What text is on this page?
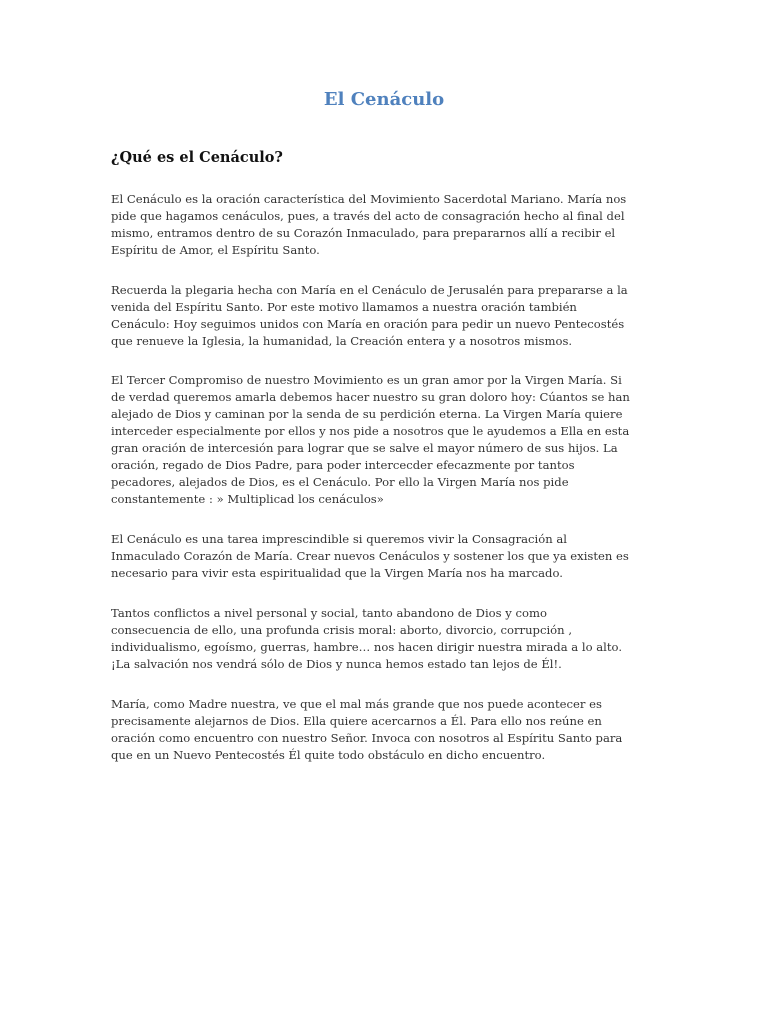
El Cenáculo
¿Qué es el Cenáculo?
El Cenáculo es la oración característica del Movimiento Sacerdotal Mariano. María nos
pide que hagamos cenáculos, pues, a través del acto de consagración hecho al final del
mismo, entramos dentro de su Corazón Inmaculado, para prepararnos allí a recibir el
Espíritu de Amor, el Espíritu Santo.
Recuerda la plegaria hecha con María en el Cenáculo de Jerusalén para prepararse a la
venida del Espíritu Santo. Por este motivo llamamos a nuestra oración también
Cenáculo: Hoy seguimos unidos con María en oración para pedir un nuevo Pentecostés
que renueve la Iglesia, la humanidad, la Creación entera y a nosotros mismos.
El Tercer Compromiso de nuestro Movimiento es un gran amor por la Virgen María. Si
de verdad queremos amarla debemos hacer nuestro su gran doloro hoy: Cúantos se han
alejado de Dios y caminan por la senda de su perdición eterna. La Virgen María quiere
interceder especialmente por ellos y nos pide a nosotros que le ayudemos a Ella en esta
gran oración de intercesión para lograr que se salve el mayor número de sus hijos. La
oración, regado de Dios Padre, para poder intercecder efecazmente por tantos
pecadores, alejados de Dios, es el Cenáculo. Por ello la Virgen María nos pide
constantemente : » Multiplicad los cenáculos»
El Cenáculo es una tarea imprescindible si queremos vivir la Consagración al
Inmaculado Corazón de María. Crear nuevos Cenáculos y sostener los que ya existen es
necesario para vivir esta espiritualidad que la Virgen María nos ha marcado.
Tantos conflictos a nivel personal y social, tanto abandono de Dios y como
consecuencia de ello, una profunda crisis moral: aborto, divorcio, corrupción ,
individualismo, egoísmo, guerras, hambre… nos hacen dirigir nuestra mirada a lo alto.
¡La salvación nos vendrá sólo de Dios y nunca hemos estado tan lejos de Él!.
María, como Madre nuestra, ve que el mal más grande que nos puede acontecer es
precisamente alejarnos de Dios. Ella quiere acercarnos a Él. Para ello nos reúne en
oración como encuentro con nuestro Señor. Invoca con nosotros al Espíritu Santo para
que en un Nuevo Pentecostés Él quite todo obstáculo en dicho encuentro.
